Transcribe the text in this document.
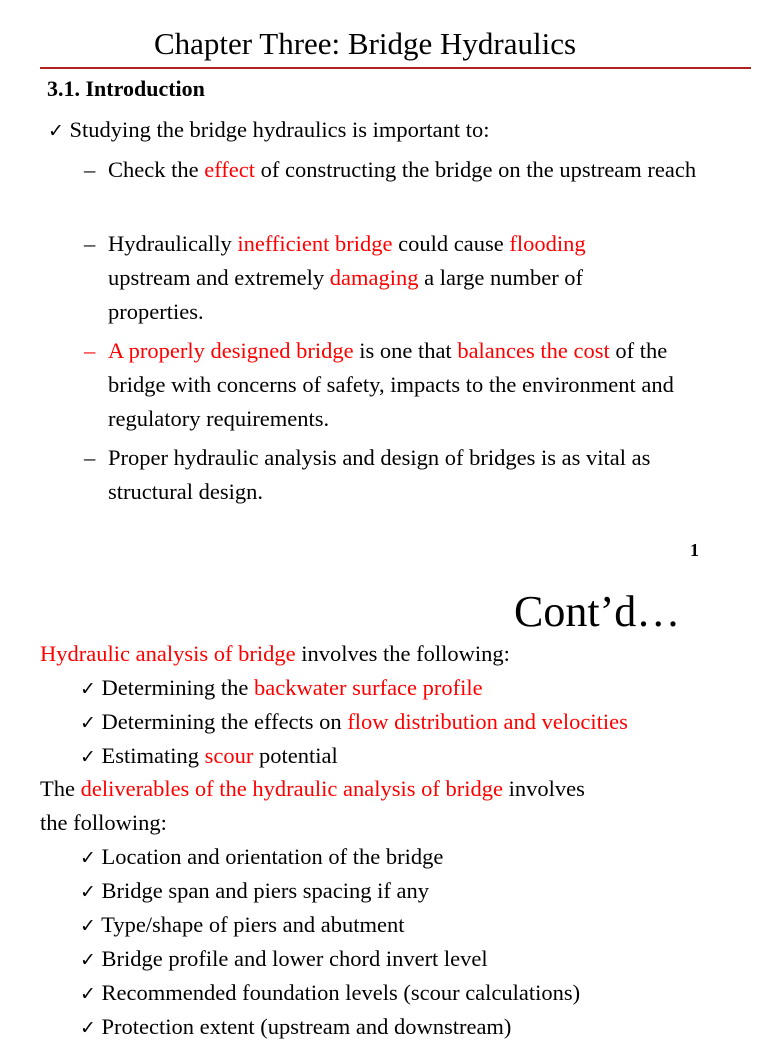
Chapter Three: Bridge Hydraulics
3.1. Introduction
✓ Studying the bridge hydraulics is important to:
– Check the effect of constructing the bridge on the upstream reach
– Hydraulically inefficient bridge could cause flooding upstream and extremely damaging a large number of properties.
– A properly designed bridge is one that balances the cost of the bridge with concerns of safety, impacts to the environment and regulatory requirements.
– Proper hydraulic analysis and design of bridges is as vital as structural design.
1
Cont’d…
Hydraulic analysis of bridge involves the following:
✓ Determining the backwater surface profile
✓ Determining the effects on flow distribution and velocities
✓ Estimating scour potential
The deliverables of the hydraulic analysis of bridge involves
the following:
✓ Location and orientation of the bridge
✓ Bridge span and piers spacing if any
✓ Type/shape of piers and abutment
✓ Bridge profile and lower chord invert level
✓ Recommended foundation levels (scour calculations)
✓ Protection extent (upstream and downstream)
